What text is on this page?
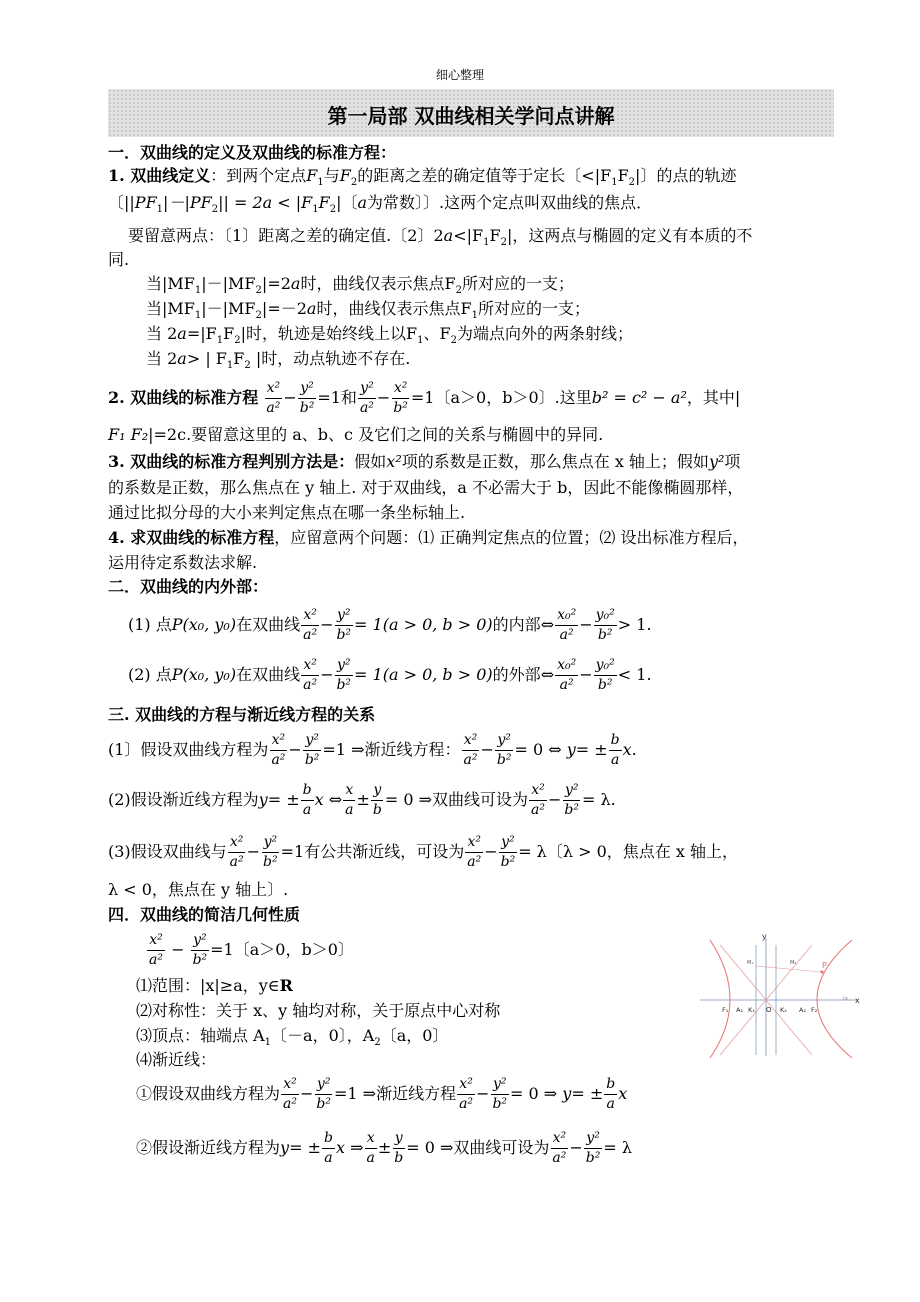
细心整理
第一局部 双曲线相关学问点讲解
一．双曲线的定义及双曲线的标准方程：
1. 双曲线定义：到两个定点$F_1$与$F_2$的距离之差的确定值等于定长〔$<|F_1F_2|$〕的点的轨迹
〔$||PF_1|-|PF_2|| = 2a < |F_1F_2|$〔a为常数〕〕.这两个定点叫双曲线的焦点．
要留意两点：〔1〕距离之差的确定值.〔2〕$2a<|F_1F_2|$，这两点与椭圆的定义有本质的不
同.
当$|MF_1|-|MF_2|=2a$时，曲线仅表示焦点$F_2$所对应的一支；
当$|MF_1|-|MF_2|=-2a$时，曲线仅表示焦点$F_1$所对应的一支；
当 $2a=|F_1F_2|$时，轨迹是始终线上以$F_1$、$F_2$为端点向外的两条射线；
当 2a> | $F_1F_2$ |时，动点轨迹不存在.
2. 双曲线的标准方程 $\frac{\text{x²}}{\text{a²}} - \frac{\text{y²}}{\text{b²}} =1$和 $\frac{\text{y²}}{\text{a²}} - \frac{\text{x²}}{\text{b²}} =1$〔a＞0，b＞0〕.这里b² = c² − a²，其中|
F₁ F₂|=2c.要留意这里的 a、b、c 及它们之间的关系与椭圆中的异同.
3. 双曲线的标准方程判别方法是：假如x²项的系数是正数，那么焦点在 x 轴上；假如y²项
的系数是正数，那么焦点在 y 轴上. 对于双曲线，a 不必需大于 b，因此不能像椭圆那样，
通过比拟分母的大小来判定焦点在哪一条坐标轴上.
4. 求双曲线的标准方程，应留意两个问题：⑴ 正确判定焦点的位置；⑵ 设出标准方程后，
运用待定系数法求解.
二．双曲线的内外部：
(1) 点P(x₀, y₀)在双曲线 $\frac{\text{x²}}{\text{a²}} - \frac{\text{y²}}{\text{b²}} = 1(a > 0$, b > 0)的内部⇔ $\frac{\text{x₀²}}{\text{a²}} - \frac{\text{y₀²}}{\text{b²}} > 1$.
(2) 点P(x₀, y₀)在双曲线 $\frac{\text{x²}}{\text{a²}} - \frac{\text{y²}}{\text{b²}} = 1(a > 0$, b > 0)的外部⇔ $\frac{\text{x₀²}}{\text{a²}} - \frac{\text{y₀²}}{\text{b²}} < 1$.
三. 双曲线的方程与渐近线方程的关系
(1〕假设双曲线方程为 $\frac{\text{x²}}{\text{a²}} - \frac{\text{y²}}{\text{b²}} =1$ ⇒渐近线方程： $\frac{\text{x²}}{\text{a²}} - \frac{\text{y²}}{\text{b²}} = 0$ ⇔ $y= \pm \frac{b}{a} x$.
(2)假设渐近线方程为$y= \pm \frac{b}{a}$ x ⇔ $\frac{x}{a} \pm \frac{y}{b} = 0$ ⇒双曲线可设为 $\frac{\text{x²}}{\text{a²}} - \frac{\text{y²}}{\text{b²}} = \lambda$.
(3)假设双曲线与 $\frac{\text{x²}}{\text{a²}} - \frac{\text{y²}}{\text{b²}} =1$有公共渐近线，可设为 $\frac{\text{x²}}{\text{a²}} - \frac{\text{y²}}{\text{b²}} = \lambda$〔λ > 0，焦点在 x 轴上，
λ < 0，焦点在 y 轴上〕.
四．双曲线的简洁几何性质
$\frac{\text{x²}}{\text{a²}} - \frac{\text{y²}}{\text{b²}} =1$〔a＞0，b＞0〕
⑴范围：|x|≥a，y∈R
⑵对称性：关于 x、y 轴均对称，关于原点中心对称
⑶顶点：轴端点 $A_1$〔－a，0〕，$A_2$〔a，0〕
⑷渐近线：
①假设双曲线方程为 $\frac{\text{x²}}{\text{a²}} - \frac{\text{y²}}{\text{b²}} =1$ ⇒渐近线方程 $\frac{\text{x²}}{\text{a²}} - \frac{\text{y²}}{\text{b²}} = 0$ ⇒ $y= \pm \frac{b}{a}$ x
②假设渐近线方程为$y= \pm \frac{b}{a}$ x ⇒ $\frac{x}{a} \pm \frac{y}{b} = 0$ ⇒双曲线可设为 $\frac{\text{x²}}{\text{a²}} - \frac{\text{y²}}{\text{b²}} = \lambda$
y
x
(x
P
O
F₁ A₁ K₁	K₂ A₂ F₂
M₁	M₂
